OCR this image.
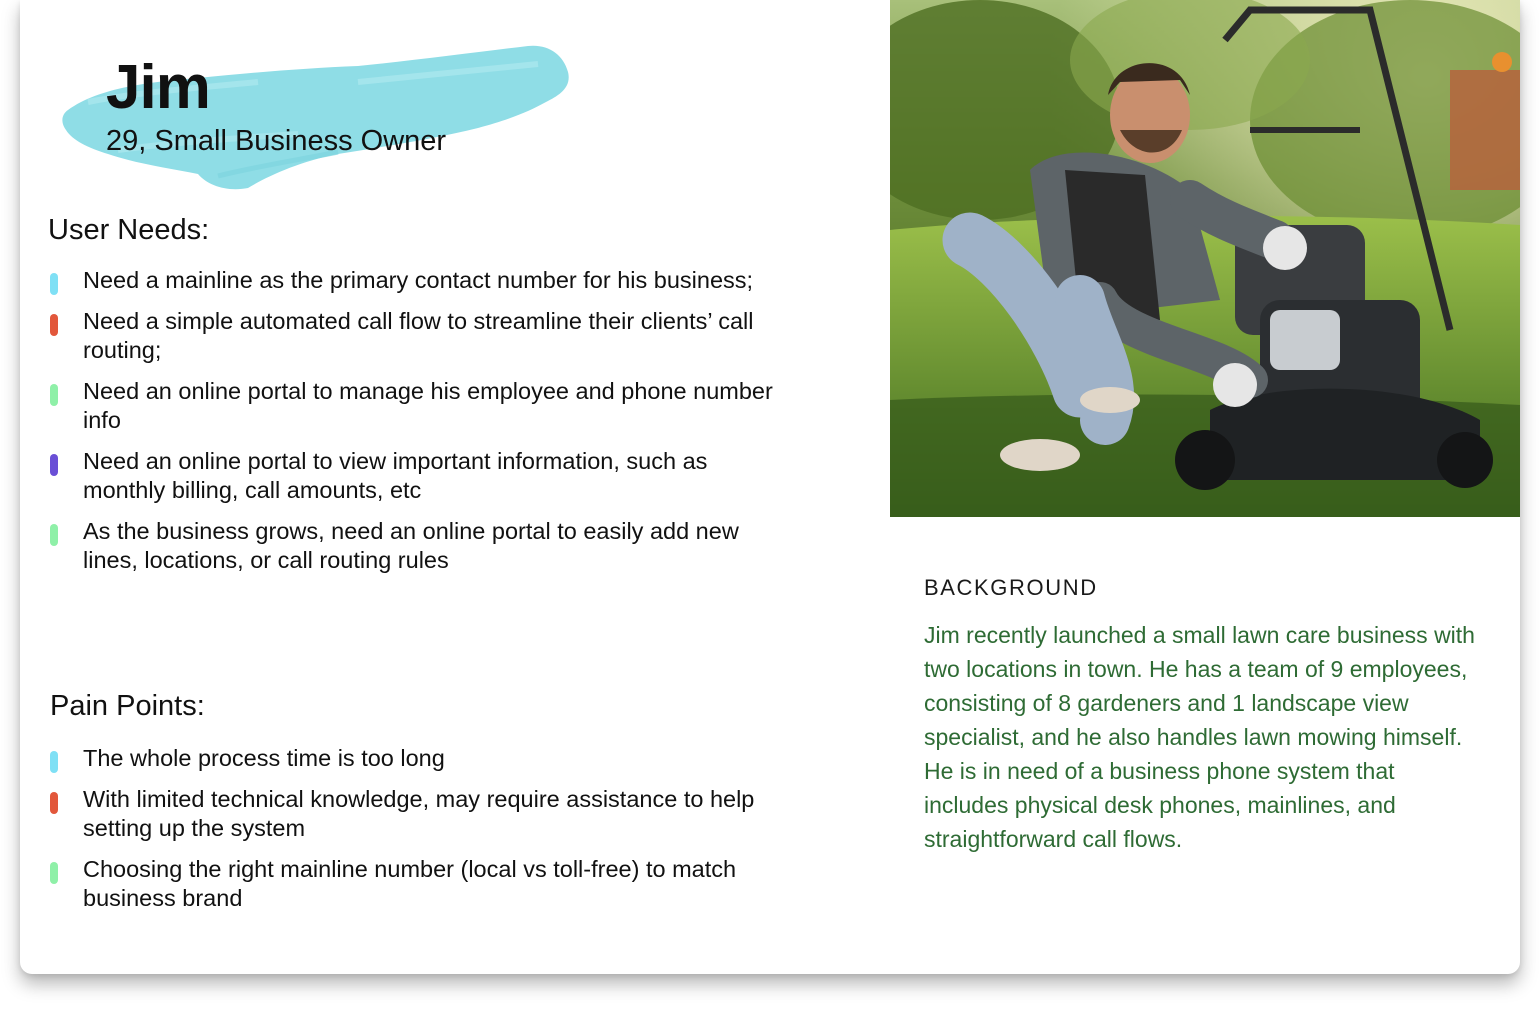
Jim
29, Small Business Owner
User Needs:
Need a mainline as the primary contact number for his business;
Need a simple automated call flow to streamline their clients’ call routing;
Need an online portal to manage his employee and phone number info
Need an online portal to view important information, such as monthly billing, call amounts, etc
As the business grows, need an online portal to easily add new lines, locations, or call routing rules
Pain Points:
The whole process time is too long
With limited technical knowledge, may require assistance to help setting up the system
Choosing the right mainline number (local vs toll-free) to match business brand
BACKGROUND

Jim recently launched a small lawn care business with two locations in town. He has a team of 9 employees, consisting of 8 gardeners and 1 landscape view specialist, and he also handles lawn mowing himself. He is in need of a business phone system that includes physical desk phones, mainlines, and straightforward call flows.
